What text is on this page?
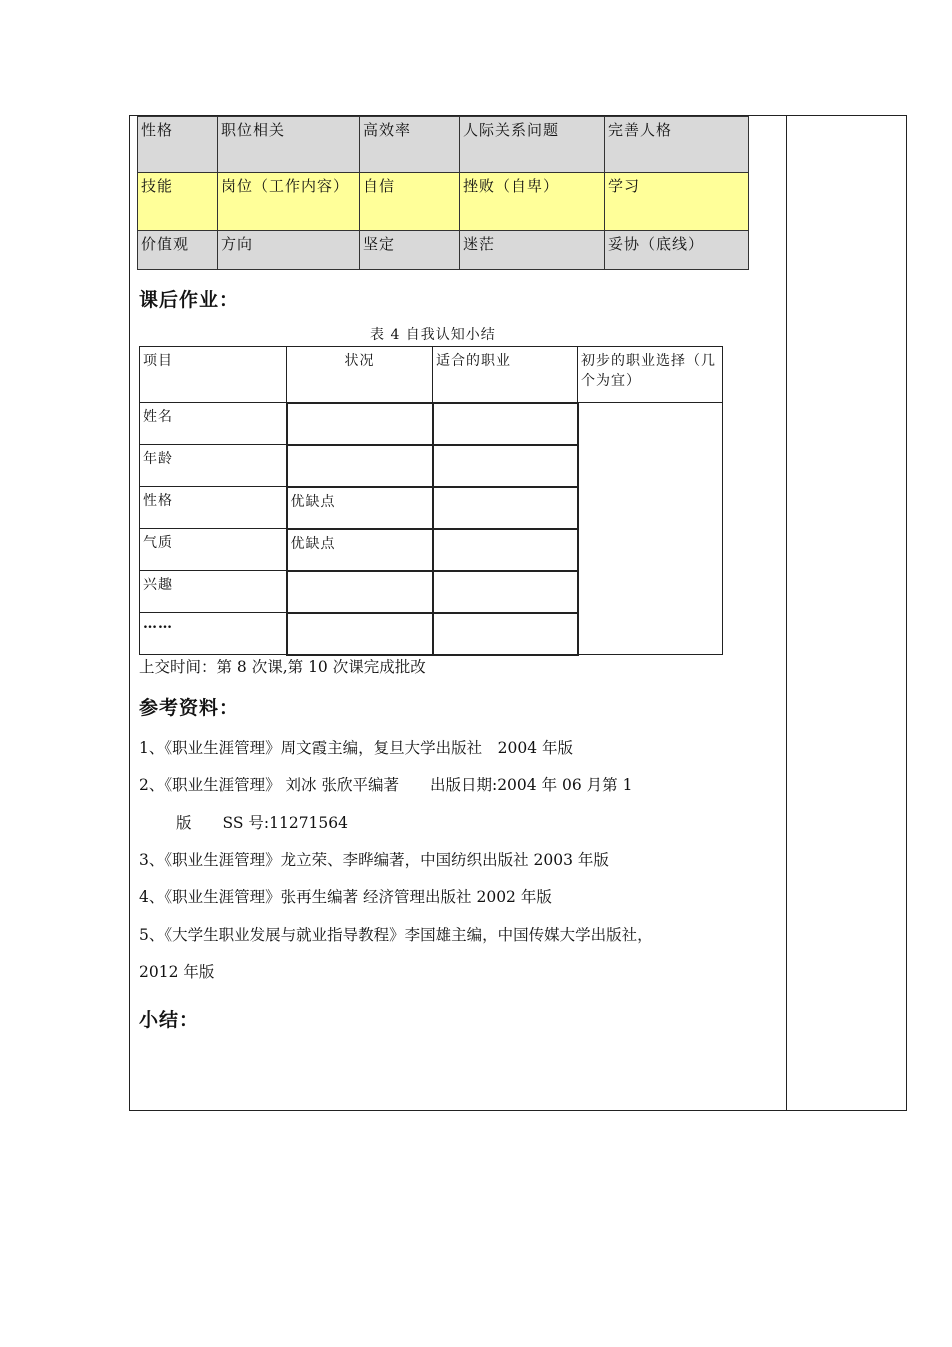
性格	职位相关	高效率	人际关系问题	完善人格
技能	岗位（工作内容）	自信	挫败（自卑）	学习
价值观	方向	坚定	迷茫	妥协（底线）
课后作业：
表 4 自我认知小结
项目	状况	适合的职业	初步的职业选择（几个为宜）
姓名			
年龄			
性格	优缺点		
气质	优缺点		
兴趣			
……			
上交时间：第 8 次课,第 10 次课完成批改
参考资料：
1、《职业生涯管理》周文霞主编，复旦大学出版社　2004 年版
2、《职业生涯管理》 刘冰 张欣平编著　　出版日期:2004 年 06 月第 1
版　　SS 号:11271564
3、《职业生涯管理》龙立荣、李晔编著，中国纺织出版社 2003 年版
4、《职业生涯管理》张再生编著 经济管理出版社 2002 年版
5、《大学生职业发展与就业指导教程》李国雄主编，中国传媒大学出版社，
2012 年版
小结：
